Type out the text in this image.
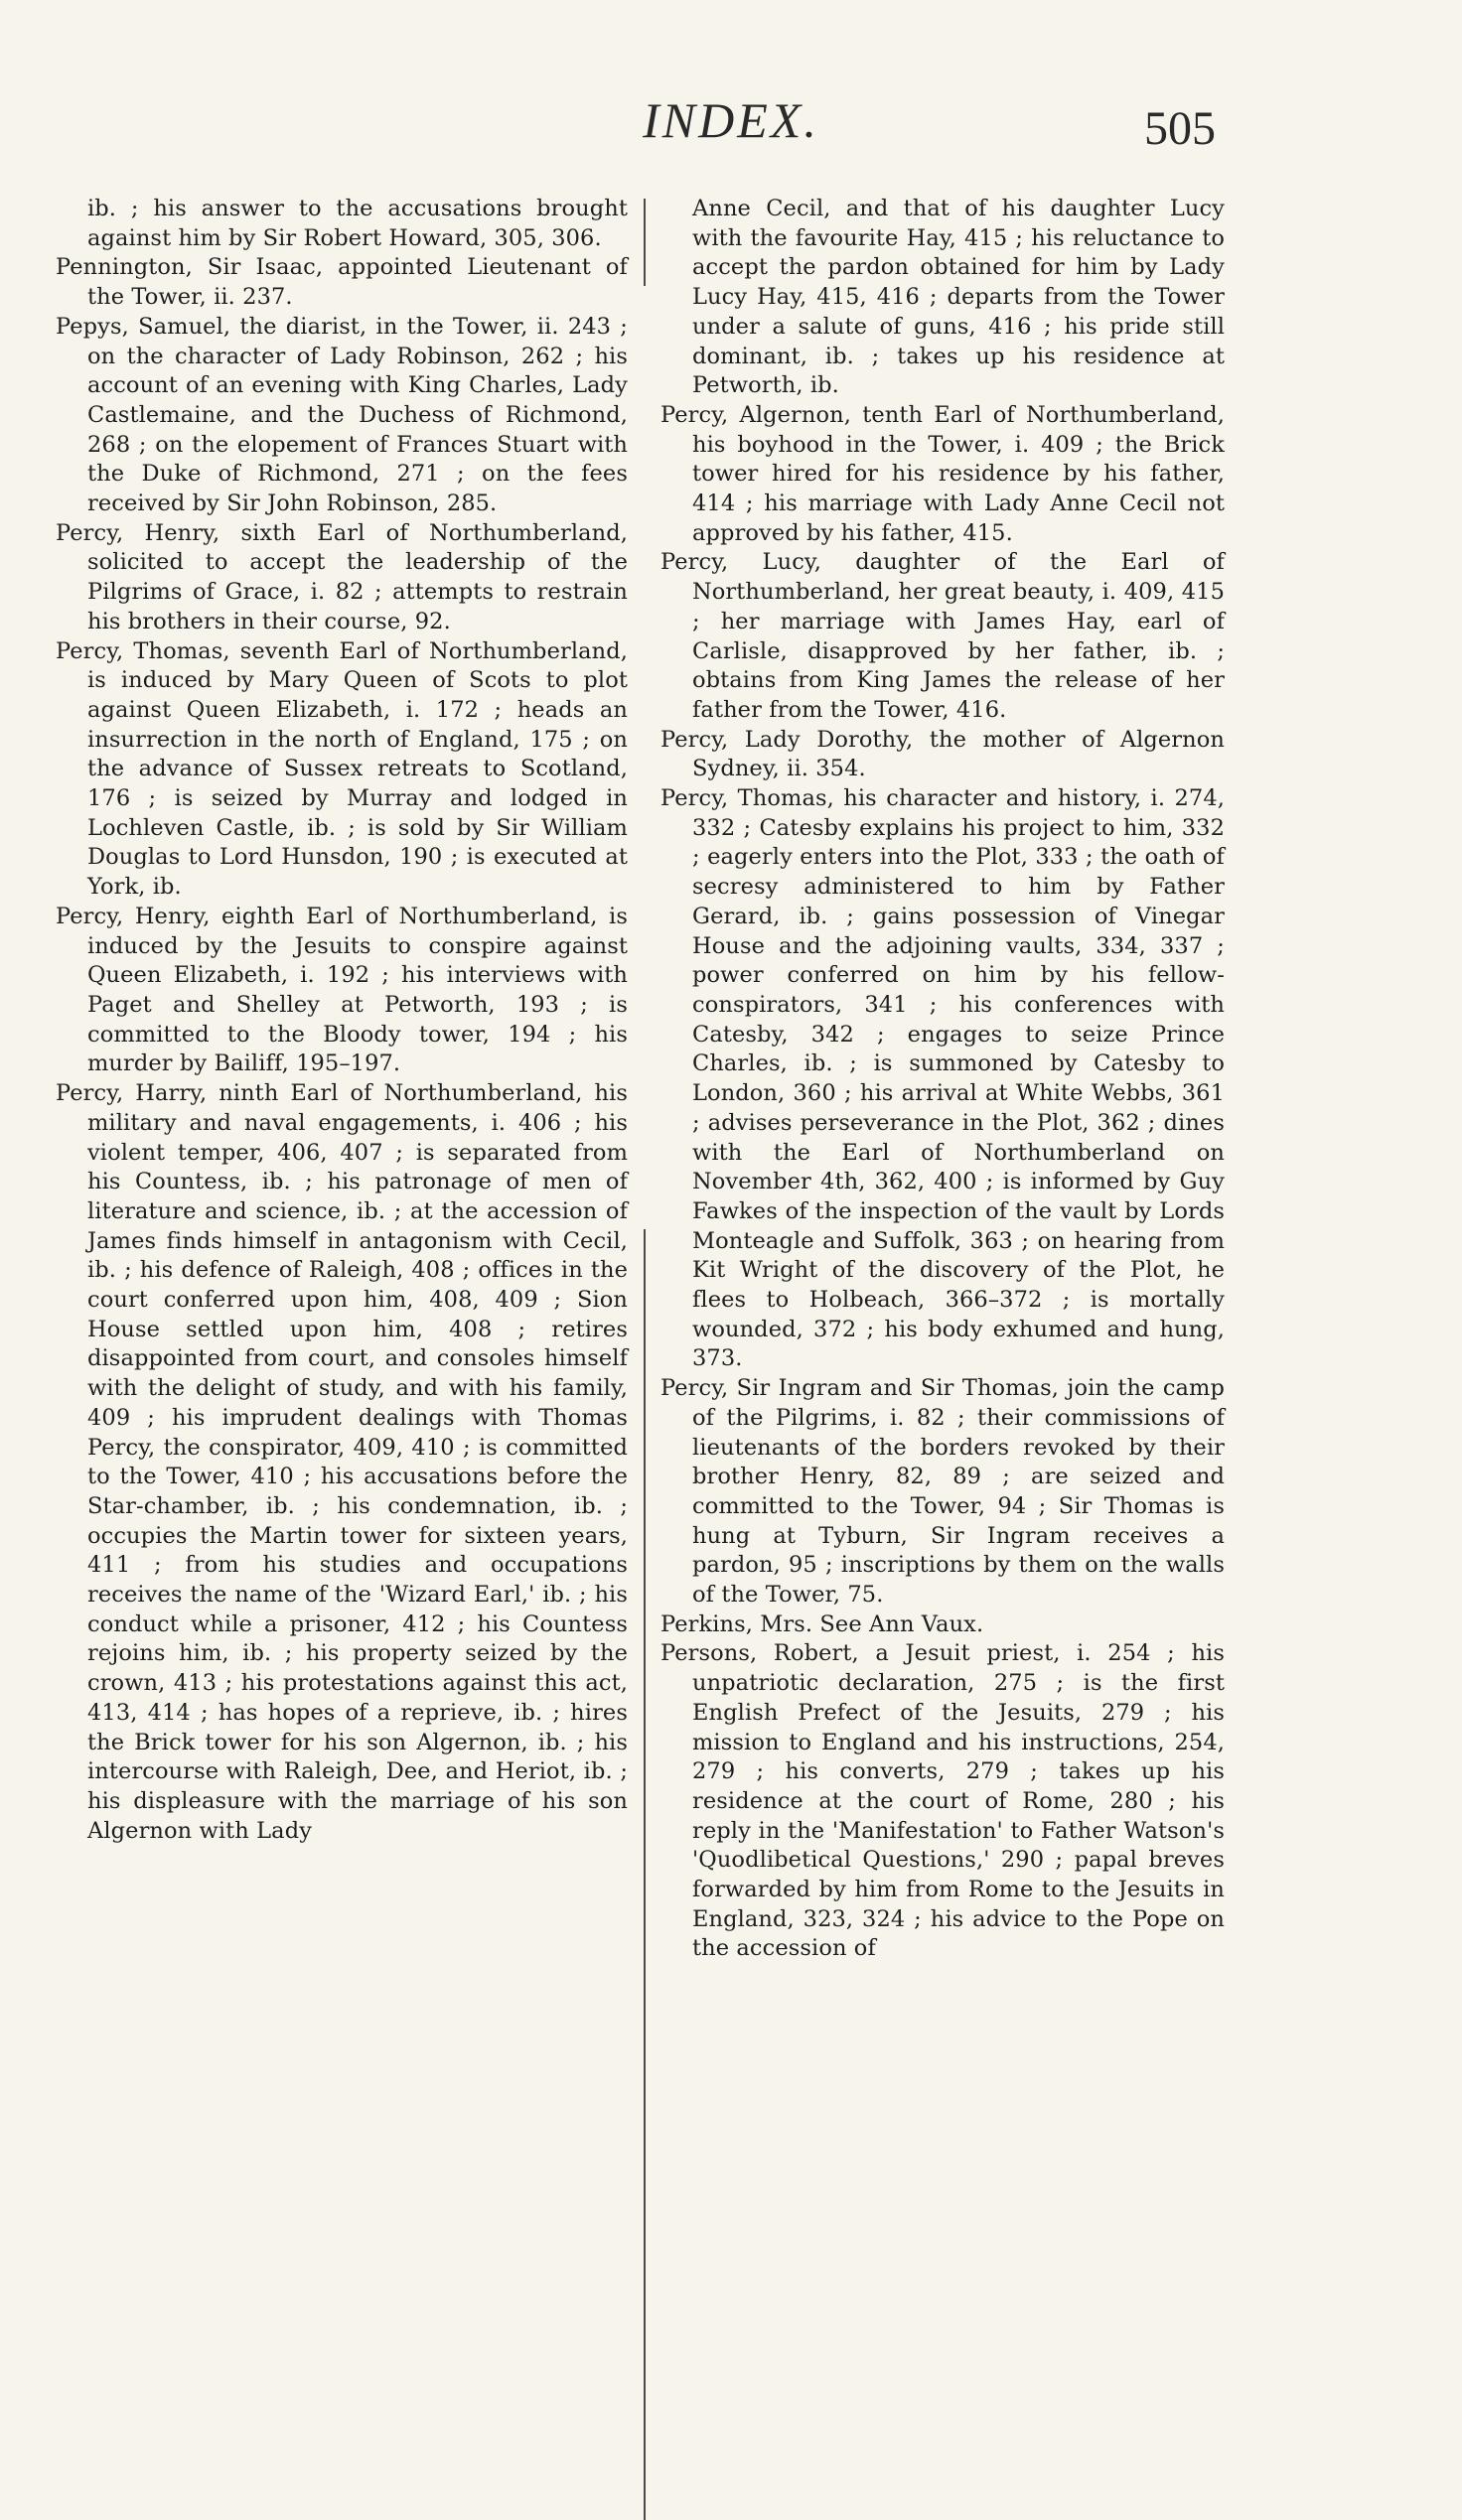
INDEX.	505

ib. ; his answer to the accusations brought against him by Sir Robert Howard, 305, 306.

Pennington, Sir Isaac, appointed Lieutenant of the Tower, ii. 237.

Pepys, Samuel, the diarist, in the Tower, ii. 243 ; on the character of Lady Robinson, 262 ; his account of an evening with King Charles, Lady Castlemaine, and the Duchess of Richmond, 268 ; on the elopement of Frances Stuart with the Duke of Richmond, 271 ; on the fees received by Sir John Robinson, 285.

Percy, Henry, sixth Earl of Northumberland, solicited to accept the leadership of the Pilgrims of Grace, i. 82 ; attempts to restrain his brothers in their course, 92.

Percy, Thomas, seventh Earl of Northumberland, is induced by Mary Queen of Scots to plot against Queen Elizabeth, i. 172 ; heads an insurrection in the north of England, 175 ; on the advance of Sussex retreats to Scotland, 176 ; is seized by Murray and lodged in Lochleven Castle, ib. ; is sold by Sir William Douglas to Lord Hunsdon, 190 ; is executed at York, ib.

Percy, Henry, eighth Earl of Northumberland, is induced by the Jesuits to conspire against Queen Elizabeth, i. 192 ; his interviews with Paget and Shelley at Petworth, 193 ; is committed to the Bloody tower, 194 ; his murder by Bailiff, 195–197.

Percy, Harry, ninth Earl of Northumberland, his military and naval engagements, i. 406 ; his violent temper, 406, 407 ; is separated from his Countess, ib. ; his patronage of men of literature and science, ib. ; at the accession of James finds himself in antagonism with Cecil, ib. ; his defence of Raleigh, 408 ; offices in the court conferred upon him, 408, 409 ; Sion House settled upon him, 408 ; retires disappointed from court, and consoles himself with the delight of study, and with his family, 409 ; his imprudent dealings with Thomas Percy, the conspirator, 409, 410 ; is committed to the Tower, 410 ; his accusations before the Star-chamber, ib. ; his condemnation, ib. ; occupies the Martin tower for sixteen years, 411 ; from his studies and occupations receives the name of the 'Wizard Earl,' ib. ; his conduct while a prisoner, 412 ; his Countess rejoins him, ib. ; his property seized by the crown, 413 ; his protestations against this act, 413, 414 ; has hopes of a reprieve, ib. ; hires the Brick tower for his son Algernon, ib. ; his intercourse with Raleigh, Dee, and Heriot, ib. ; his displeasure with the marriage of his son Algernon with Lady

Anne Cecil, and that of his daughter Lucy with the favourite Hay, 415 ; his reluctance to accept the pardon obtained for him by Lady Lucy Hay, 415, 416 ; departs from the Tower under a salute of guns, 416 ; his pride still dominant, ib. ; takes up his residence at Petworth, ib.

Percy, Algernon, tenth Earl of Northumberland, his boyhood in the Tower, i. 409 ; the Brick tower hired for his residence by his father, 414 ; his marriage with Lady Anne Cecil not approved by his father, 415.

Percy, Lucy, daughter of the Earl of Northumberland, her great beauty, i. 409, 415 ; her marriage with James Hay, earl of Carlisle, disapproved by her father, ib. ; obtains from King James the release of her father from the Tower, 416.

Percy, Lady Dorothy, the mother of Algernon Sydney, ii. 354.

Percy, Thomas, his character and history, i. 274, 332 ; Catesby explains his project to him, 332 ; eagerly enters into the Plot, 333 ; the oath of secresy administered to him by Father Gerard, ib. ; gains possession of Vinegar House and the adjoining vaults, 334, 337 ; power conferred on him by his fellow-conspirators, 341 ; his conferences with Catesby, 342 ; engages to seize Prince Charles, ib. ; is summoned by Catesby to London, 360 ; his arrival at White Webbs, 361 ; advises perseverance in the Plot, 362 ; dines with the Earl of Northumberland on November 4th, 362, 400 ; is informed by Guy Fawkes of the inspection of the vault by Lords Monteagle and Suffolk, 363 ; on hearing from Kit Wright of the discovery of the Plot, he flees to Holbeach, 366–372 ; is mortally wounded, 372 ; his body exhumed and hung, 373.

Percy, Sir Ingram and Sir Thomas, join the camp of the Pilgrims, i. 82 ; their commissions of lieutenants of the borders revoked by their brother Henry, 82, 89 ; are seized and committed to the Tower, 94 ; Sir Thomas is hung at Tyburn, Sir Ingram receives a pardon, 95 ; inscriptions by them on the walls of the Tower, 75.

Perkins, Mrs. See Ann Vaux.

Persons, Robert, a Jesuit priest, i. 254 ; his unpatriotic declaration, 275 ; is the first English Prefect of the Jesuits, 279 ; his mission to England and his instructions, 254, 279 ; his converts, 279 ; takes up his residence at the court of Rome, 280 ; his reply in the 'Manifestation' to Father Watson's 'Quodlibetical Questions,' 290 ; papal breves forwarded by him from Rome to the Jesuits in England, 323, 324 ; his advice to the Pope on the accession of
